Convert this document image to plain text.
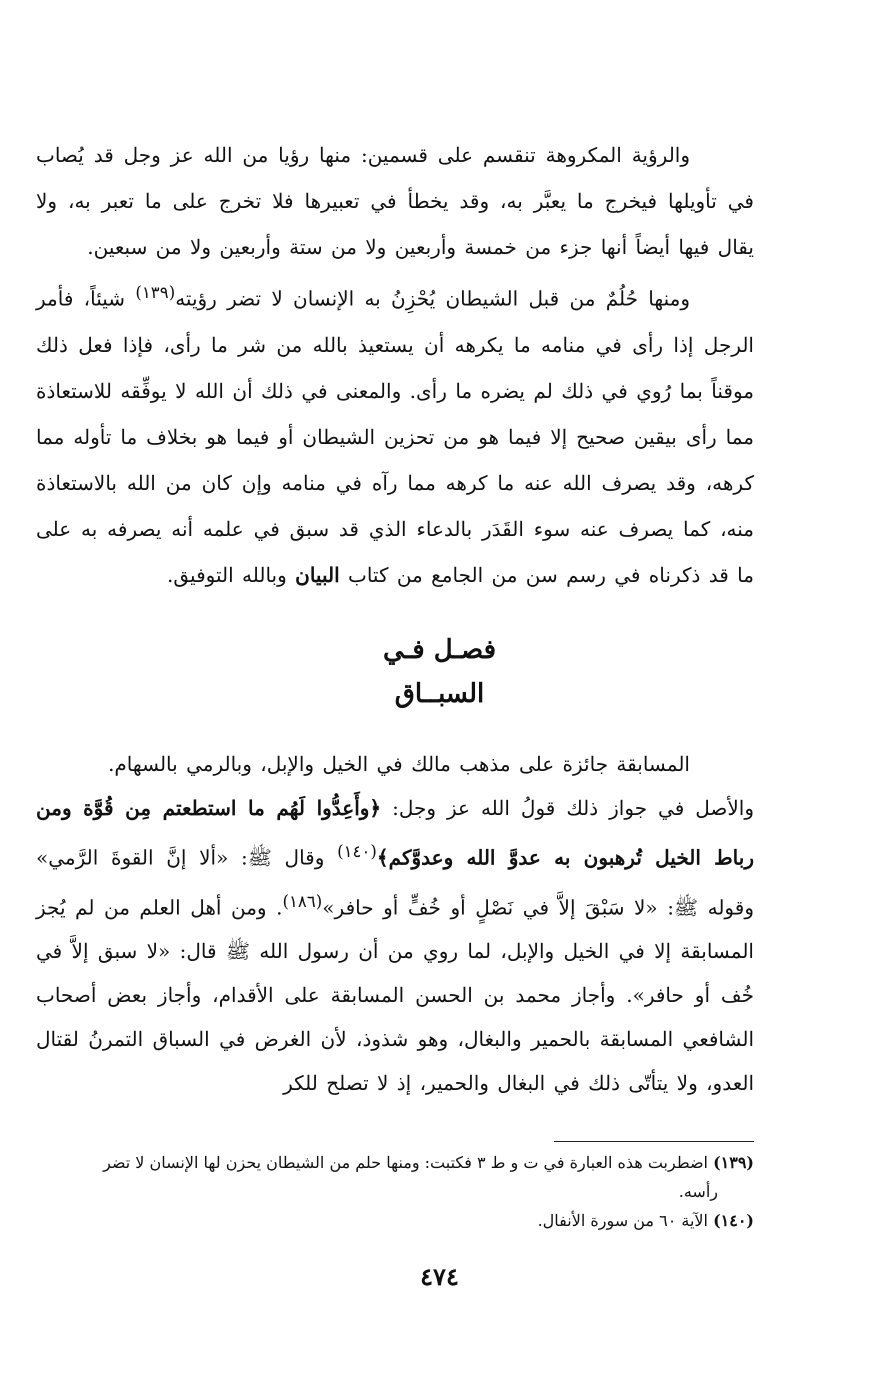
والرؤية المكروهة تنقسم على قسمين: منها رؤيا من الله عز وجل قد يُصاب في تأويلها فيخرج ما يعبَّر به، وقد يخطأ في تعبيرها فلا تخرج على ما تعبر به، ولا يقال فيها أيضاً أنها جزء من خمسة وأربعين ولا من ستة وأربعين ولا من سبعين.

ومنها حُلُمٌ من قبل الشيطان يُحْزِنُ به الإنسان لا تضر رؤيته$^{(١٣٩)}$ شيئاً، فأمر الرجل إذا رأى في منامه ما يكرهه أن يستعيذ بالله من شر ما رأى، فإذا فعل ذلك موقناً بما رُوي في ذلك لم يضره ما رأى. والمعنى في ذلك أن الله لا يوفِّقه للاستعاذة مما رأى بيقين صحيح إلا فيما هو من تحزين الشيطان أو فيما هو بخلاف ما تأوله مما كرهه، وقد يصرف الله عنه ما كرهه مما رآه في منامه وإن كان من الله بالاستعاذة منه، كما يصرف عنه سوء القَدَر بالدعاء الذي قد سبق في علمه أنه يصرفه به على ما قد ذكرناه في رسم سن من الجامع من كتاب البيان وبالله التوفيق.

فصـل فـي
السبــاق

المسابقة جائزة على مذهب مالك في الخيل والإبل، وبالرمي بالسهام.

والأصل في جواز ذلك قولُ الله عز وجل: ﴿وأَعِدُّوا لَهُم ما استطعتم مِن قُوَّة ومن رباط الخيل تُرهبون به عدوَّ الله وعدوَّكم﴾$^{(١٤٠)}$ وقال ﷺ: «ألا إنَّ القوةَ الرَّمي» وقوله ﷺ: «لا سَبْقَ إلاَّ في نَصْلٍ أو خُفٍّ أو حافر»$^{(١٨٦)}$. ومن أهل العلم من لم يُجز المسابقة إلا في الخيل والإبل، لما روي من أن رسول الله ﷺ قال: «لا سبق إلاَّ في خُف أو حافر». وأجاز محمد بن الحسن المسابقة على الأقدام، وأجاز بعض أصحاب الشافعي المسابقة بالحمير والبغال، وهو شذوذ، لأن الغرض في السباق التمرنُ لقتال العدو، ولا يتأتّى ذلك في البغال والحمير، إذ لا تصلح للكر

(١٣٩) اضطربت هذه العبارة في ت و ط ٣ فكتبت: ومنها حلم من الشيطان يحزن لها الإنسان لا تضر
رأسه.
(١٤٠) الآية ٦٠ من سورة الأنفال.
٤٧٤
